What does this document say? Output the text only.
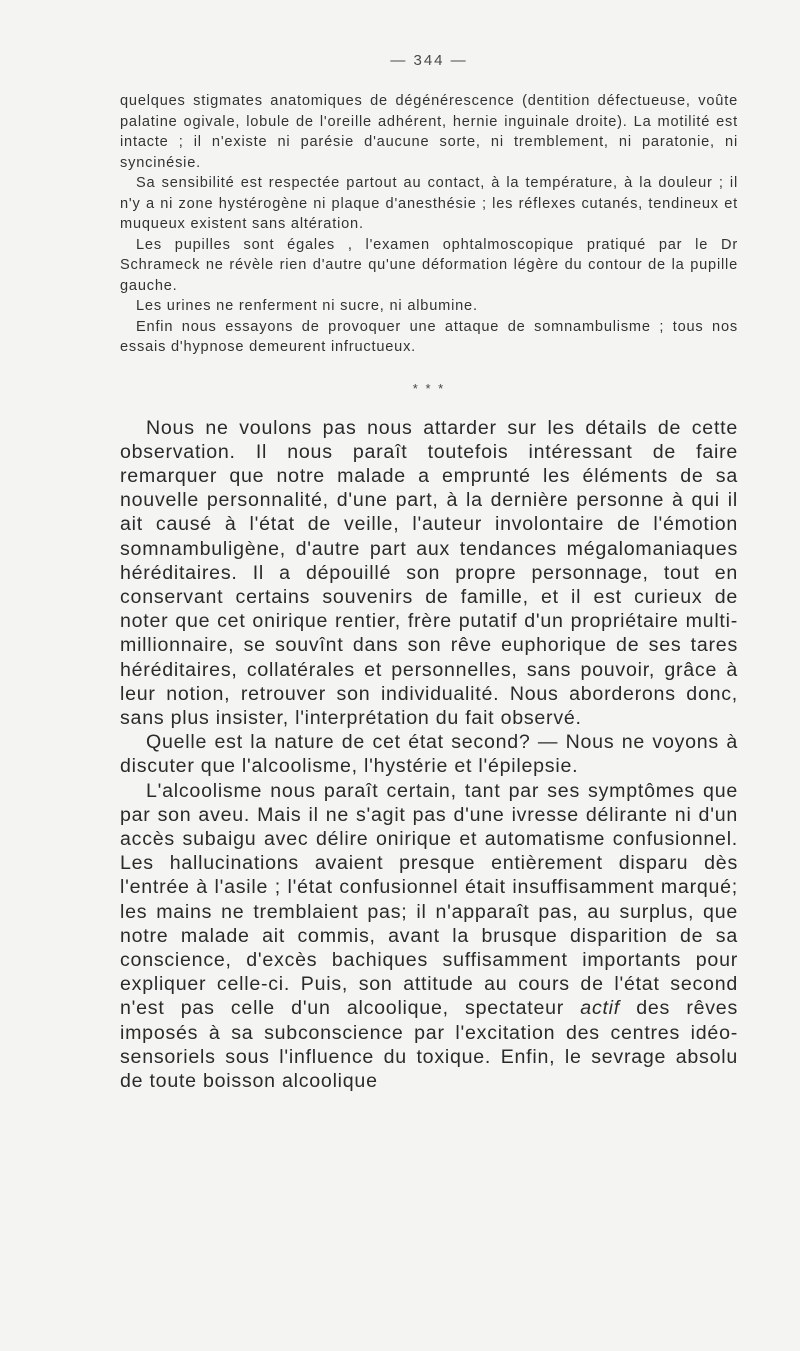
— 344 —

quelques stigmates anatomiques de dégénérescence (dentition défectueuse, voûte palatine ogivale, lobule de l'oreille adhérent, hernie inguinale droite). La motilité est intacte ; il n'existe ni parésie d'aucune sorte, ni tremblement, ni paratonie, ni syncinésie.

Sa sensibilité est respectée partout au contact, à la température, à la douleur ; il n'y a ni zone hystérogène ni plaque d'anesthésie ; les réflexes cutanés, tendineux et muqueux existent sans altération.

Les pupilles sont égales , l'examen ophtalmoscopique pratiqué par le Dr Schrameck ne révèle rien d'autre qu'une déformation légère du contour de la pupille gauche.

Les urines ne renferment ni sucre, ni albumine.

Enfin nous essayons de provoquer une attaque de somnambulisme ; tous nos essais d'hypnose demeurent infructueux.

* * *

Nous ne voulons pas nous attarder sur les détails de cette observation. Il nous paraît toutefois intéressant de faire remarquer que notre malade a emprunté les éléments de sa nouvelle personnalité, d'une part, à la dernière personne à qui il ait causé à l'état de veille, l'auteur involontaire de l'émotion somnambuligène, d'autre part aux tendances mégalomaniaques héréditaires. Il a dépouillé son propre personnage, tout en conservant certains souvenirs de famille, et il est curieux de noter que cet onirique rentier, frère putatif d'un propriétaire multi-millionnaire, se souvînt dans son rêve euphorique de ses tares héréditaires, collatérales et personnelles, sans pouvoir, grâce à leur notion, retrouver son individualité. Nous aborderons donc, sans plus insister, l'interprétation du fait observé.

Quelle est la nature de cet état second? — Nous ne voyons à discuter que l'alcoolisme, l'hystérie et l'épilepsie.

L'alcoolisme nous paraît certain, tant par ses symptômes que par son aveu. Mais il ne s'agit pas d'une ivresse délirante ni d'un accès subaigu avec délire onirique et automatisme confusionnel. Les hallucinations avaient presque entièrement disparu dès l'entrée à l'asile ; l'état confusionnel était insuffisamment marqué; les mains ne tremblaient pas; il n'apparaît pas, au surplus, que notre malade ait commis, avant la brusque disparition de sa conscience, d'excès bachiques suffisamment importants pour expliquer celle-ci. Puis, son attitude au cours de l'état second n'est pas celle d'un alcoolique, spectateur actif des rêves imposés à sa subconscience par l'excitation des centres idéo-sensoriels sous l'influence du toxique. Enfin, le sevrage absolu de toute boisson alcoolique
